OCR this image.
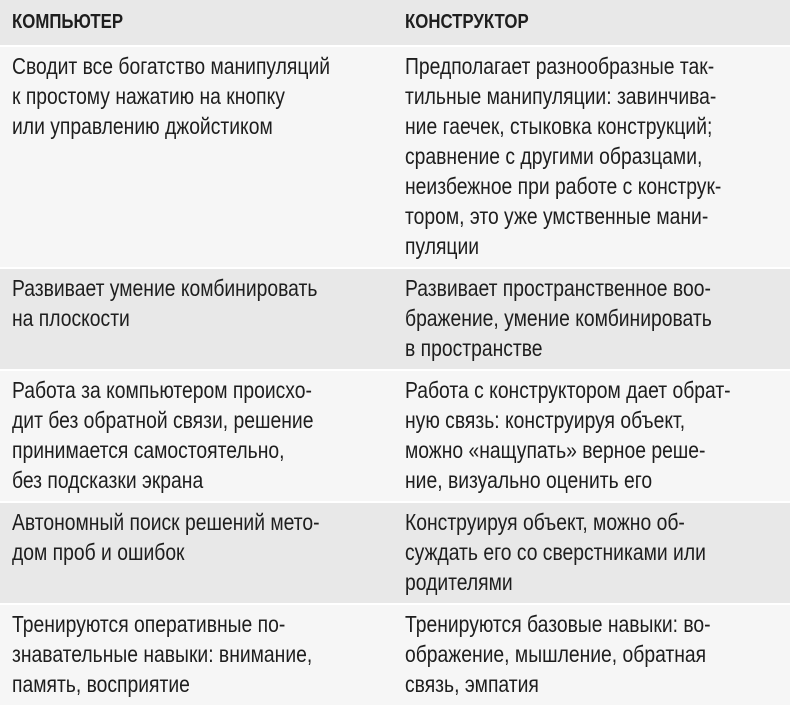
КОМПЬЮТЕР	КОНСТРУКТОР
Сводит все богатство манипуляций
к простому нажатию на кнопку
или управлению джойстиком
Предполагает разнообразные так-
тильные манипуляции: завинчива-
ние гаечек, стыковка конструкций;
сравнение с другими образцами,
неизбежное при работе с конструк-
тором, это уже умственные мани-
пуляции
Развивает умение комбинировать
на плоскости
Развивает пространственное воо-
бражение, умение комбинировать
в пространстве
Работа за компьютером происхо-
дит без обратной связи, решение
принимается самостоятельно,
без подсказки экрана
Работа с конструктором дает обрат-
ную связь: конструируя объект,
можно «нащупать» верное реше-
ние, визуально оценить его
Автономный поиск решений мето-
дом проб и ошибок
Конструируя объект, можно об-
суждать его со сверстниками или
родителями
Тренируются оперативные по-
знавательные навыки: внимание,
память, восприятие
Тренируются базовые навыки: во-
ображение, мышление, обратная
связь, эмпатия
